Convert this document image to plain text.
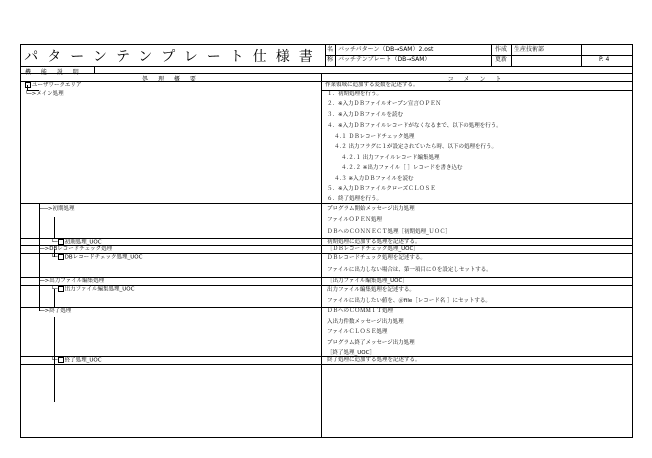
パターンテンプレート仕様書 名 バッチパターン（DB→SAM）2.ost
称 バッチテンプレート（DB→SAM）
作成
更新
生産技術部
P. 4
機 能 説 明
処 理 概 要	コ メ ン ト
ユーザワークエリア
└─>メイン処理
├──>初期処理
└─ 初期処理_UOC
├─>DBレコードチェック処理
└─ DBレコードチェック処理_UOC
├─>出力ファイル編集処理
└─ 出力ファイル編集処理_UOC
└─>終了処理
└─ 終了処理_UOC
作業領域に追加する変数を記述する。
１．初期処理を行う。
２．※入力ＤＢファイルオープン宣言ＯＰＥＮ
３．※入力ＤＢファイルを読む
４．※入力ＤＢファイルレコードがなくなるまで、以下の処理を行う。
４.１ ＤＢレコードチェック処理
４.２ 出力フラグに１が設定されていたら時、以下の処理を行う。
４.２.１ 出力ファイルレコード編集処理
４.２.２ ※出力ファイル［ ］レコードを書き込む
４.３ ※入力ＤＢファイルを読む
５．※入力ＤＢファイルクローズＣＬＯＳＥ
６．終了処理を行う。
プログラム開始メッセージ出力処理
ファイルＯＰＥＮ処理
ＤＢへのＣＯＮＮＥＣＴ処理［初期処理_ＵＯＣ］
初期処理に追加する処理を記述する。
［ＤＢレコードチェック処理_UOC］
ＤＢレコードチェック処理を記述する。
ファイルに出力しない場合は、第一項目に０を設定しセットする。
［出力ファイル編集処理_UOC］
出力ファイル編集処理を記述する。
ファイルに出力したい値を、＠file［レコード名 ］にセットする。
ＤＢへのＣＯＭＭＩＴ処理
入出力件数メッセージ出力処理
ファイルＣＬＯＳＥ処理
プログラム終了メッセージ出力処理
［終了処理_UOC］
終了処理に追加する処理を記述する。
